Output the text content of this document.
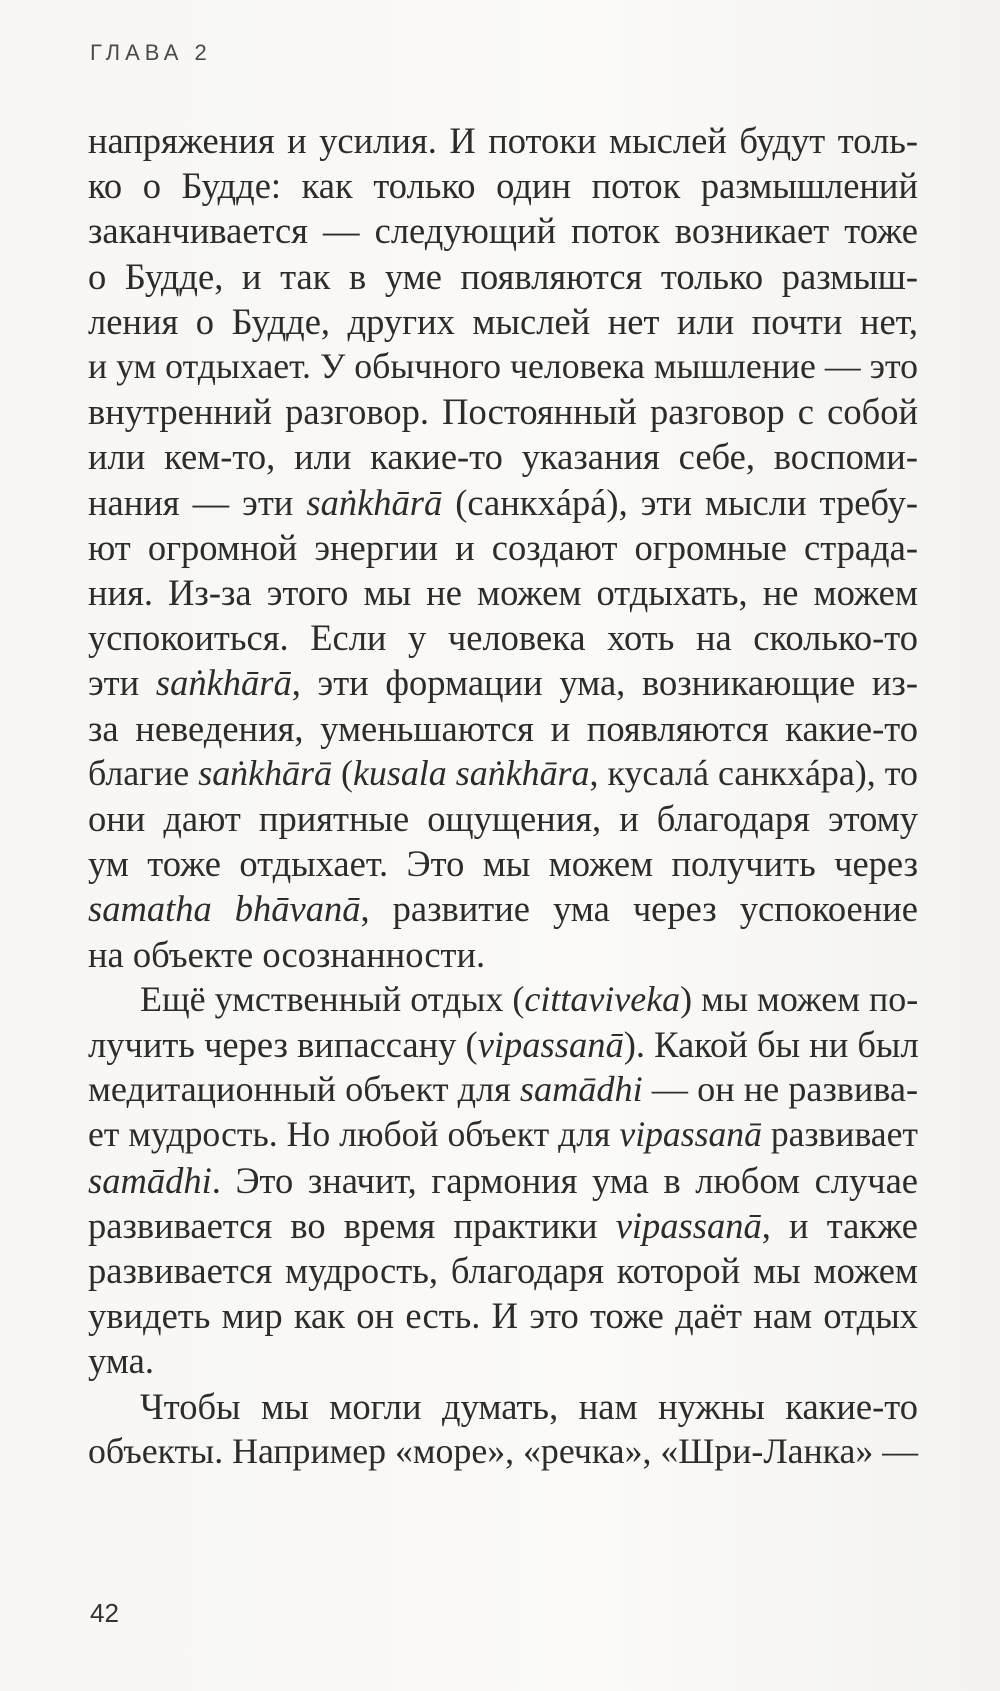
ГЛАВА 2

напряжения и усилия. И потоки мыслей будут толь-
ко о Будде: как только один поток размышлений
заканчивается — следующий поток возникает тоже
о Будде, и так в уме появляются только размыш-
ления о Будде, других мыслей нет или почти нет,
и ум отдыхает. У обычного человека мышление — это
внутренний разговор. Постоянный разговор с собой
или кем-то, или какие-то указания себе, воспоми-
нания — эти saṅkhārā (санкхáрá), эти мысли требу-
ют огромной энергии и создают огромные страда-
ния. Из-за этого мы не можем отдыхать, не можем
успокоиться. Если у человека хоть на сколько-то
эти saṅkhārā, эти формации ума, возникающие из-
за неведения, уменьшаются и появляются какие-то
благие saṅkhārā (kusala saṅkhāra, кусалá санкхáра), то
они дают приятные ощущения, и благодаря этому
ум тоже отдыхает. Это мы можем получить через
samatha bhāvanā, развитие ума через успокоение
на объекте осознанности.

Ещё умственный отдых (cittaviveka) мы можем по-
лучить через випассану (vipassanā). Какой бы ни был
медитационный объект для samādhi — он не развива-
ет мудрость. Но любой объект для vipassanā развивает
samādhi. Это значит, гармония ума в любом случае
развивается во время практики vipassanā, и также
развивается мудрость, благодаря которой мы можем
увидеть мир как он есть. И это тоже даёт нам отдых
ума.

Чтобы мы могли думать, нам нужны какие-то
объекты. Например «море», «речка», «Шри-Ланка» —

42
